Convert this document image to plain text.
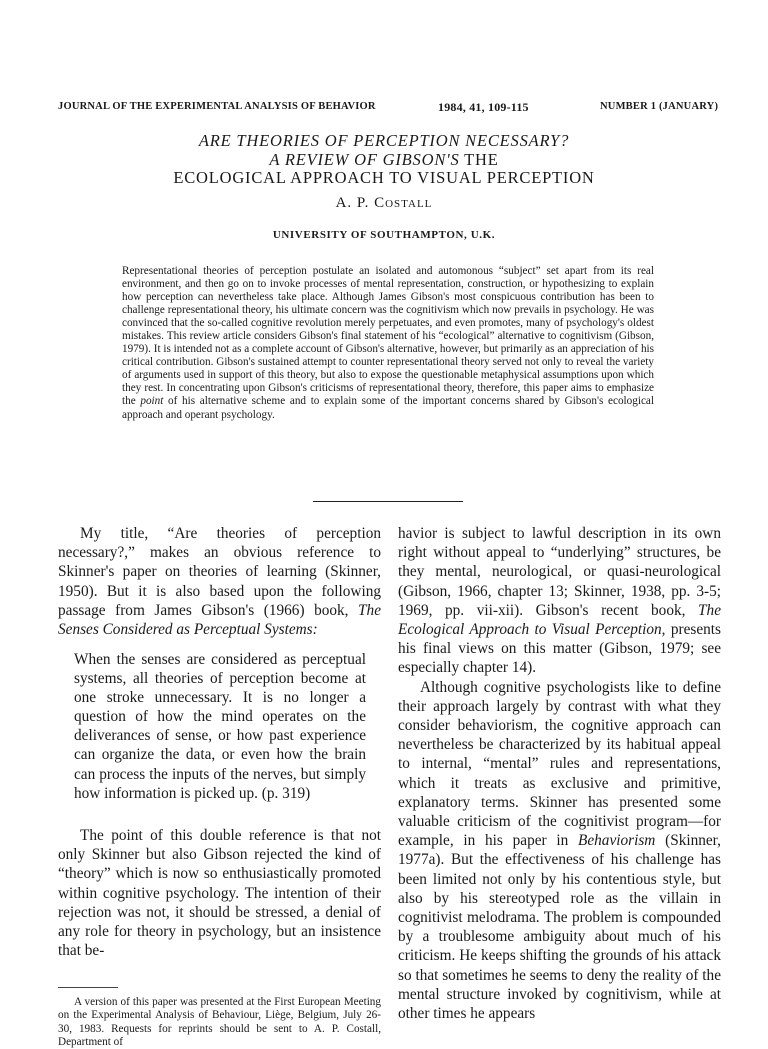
JOURNAL OF THE EXPERIMENTAL ANALYSIS OF BEHAVIOR	1984, 41, 109-115	NUMBER 1 (JANUARY)
ARE THEORIES OF PERCEPTION NECESSARY?
A REVIEW OF GIBSON'S THE
ECOLOGICAL APPROACH TO VISUAL PERCEPTION
A. P. Costall
UNIVERSITY OF SOUTHAMPTON, U.K.
Representational theories of perception postulate an isolated and automonous “subject” set apart from its real environment, and then go on to invoke processes of mental representation, construction, or hypothesizing to explain how perception can nevertheless take place. Although James Gibson's most conspicuous contribution has been to challenge representational theory, his ultimate concern was the cognitivism which now prevails in psychology. He was convinced that the so-called cognitive revolution merely perpetuates, and even promotes, many of psychology's oldest mistakes. This review article considers Gibson's final statement of his “ecological” alternative to cognitivism (Gibson, 1979). It is intended not as a complete account of Gibson's alternative, however, but primarily as an appreciation of his critical contribution. Gibson's sustained attempt to counter representational theory served not only to reveal the variety of arguments used in support of this theory, but also to expose the questionable metaphysical assumptions upon which they rest. In concentrating upon Gibson's criticisms of representational theory, therefore, this paper aims to emphasize the point of his alternative scheme and to explain some of the important concerns shared by Gibson's ecological approach and operant psychology.

My title, “Are theories of perception necessary?,” makes an obvious reference to Skinner's paper on theories of learning (Skinner, 1950). But it is also based upon the following passage from James Gibson's (1966) book, The Senses Considered as Perceptual Systems:

When the senses are considered as perceptual systems, all theories of perception become at one stroke unnecessary. It is no longer a question of how the mind operates on the deliverances of sense, or how past experience can organize the data, or even how the brain can process the inputs of the nerves, but simply how information is picked up. (p. 319)

The point of this double reference is that not only Skinner but also Gibson rejected the kind of “theory” which is now so enthusiastically promoted within cognitive psychology. The intention of their rejection was not, it should be stressed, a denial of any role for theory in psychology, but an insistence that be-

A version of this paper was presented at the First European Meeting on the Experimental Analysis of Behaviour, Liège, Belgium, July 26-30, 1983. Requests for reprints should be sent to A. P. Costall, Department of

havior is subject to lawful description in its own right without appeal to “underlying” structures, be they mental, neurological, or quasi-neurological (Gibson, 1966, chapter 13; Skinner, 1938, pp. 3-5; 1969, pp. vii-xii). Gibson's recent book, The Ecological Approach to Visual Perception, presents his final views on this matter (Gibson, 1979; see especially chapter 14).

Although cognitive psychologists like to define their approach largely by contrast with what they consider behaviorism, the cognitive approach can nevertheless be characterized by its habitual appeal to internal, “mental” rules and representations, which it treats as exclusive and primitive, explanatory terms. Skinner has presented some valuable criticism of the cognitivist program—for example, in his paper in Behaviorism (Skinner, 1977a). But the effectiveness of his challenge has been limited not only by his contentious style, but also by his stereotyped role as the villain in cognitivist melodrama. The problem is compounded by a troublesome ambiguity about much of his criticism. He keeps shifting the grounds of his attack so that sometimes he seems to deny the reality of the mental structure invoked by cognitivism, while at other times he appears
